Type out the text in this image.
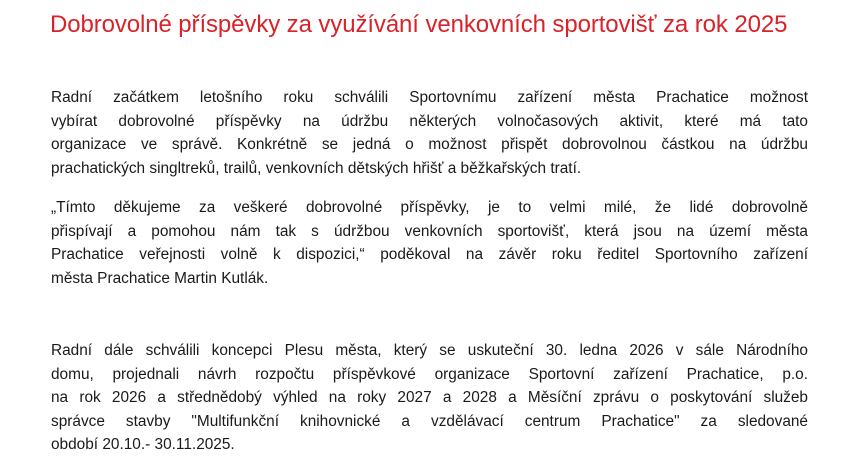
Dobrovolné příspěvky za využívání venkovních sportovišť za rok 2025
Radní začátkem letošního roku schválili Sportovnímu zařízení města Prachatice možnost
vybírat dobrovolné příspěvky na údržbu některých volnočasových aktivit, které má tato
organizace ve správě. Konkrétně se jedná o možnost přispět dobrovolnou částkou na údržbu
prachatických singltreků, trailů, venkovních dětských hřišť a běžkařských tratí.
„Tímto děkujeme za veškeré dobrovolné příspěvky, je to velmi milé, že lidé dobrovolně
přispívají a pomohou nám tak s údržbou venkovních sportovišť, která jsou na území města
Prachatice veřejnosti volně k dispozici,“ poděkoval na závěr roku ředitel Sportovního zařízení
města Prachatice Martin Kutlák.
Radní dále schválili koncepci Plesu města, který se uskuteční 30. ledna 2026 v sále Národního
domu, projednali návrh rozpočtu příspěvkové organizace Sportovní zařízení Prachatice, p.o.
na rok 2026 a střednědobý výhled na roky 2027 a 2028 a Měsíční zprávu o poskytování služeb
správce stavby "Multifunkční knihovnické a vzdělávací centrum Prachatice" za sledované
období 20.10.- 30.11.2025.
